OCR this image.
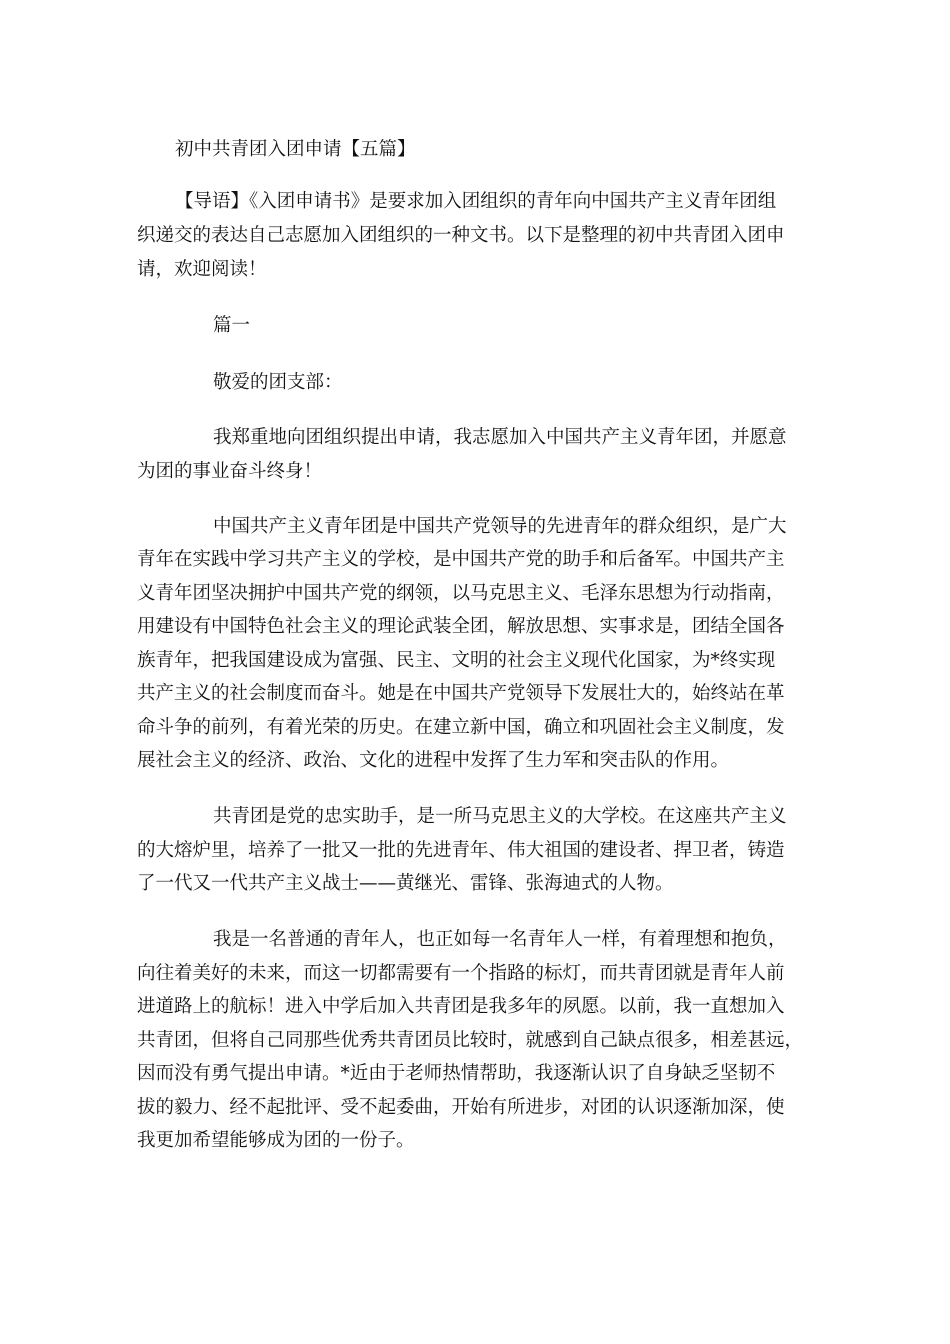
初中共青团入团申请【五篇】
【导语】《入团申请书》是要求加入团组织的青年向中国共产主义青年团组
织递交的表达自己志愿加入团组织的一种文书。以下是整理的初中共青团入团申
请，欢迎阅读！
篇一
敬爱的团支部：
我郑重地向团组织提出申请，我志愿加入中国共产主义青年团，并愿意
为团的事业奋斗终身！
中国共产主义青年团是中国共产党领导的先进青年的群众组织，是广大
青年在实践中学习共产主义的学校，是中国共产党的助手和后备军。中国共产主
义青年团坚决拥护中国共产党的纲领，以马克思主义、毛泽东思想为行动指南，
用建设有中国特色社会主义的理论武装全团，解放思想、实事求是，团结全国各
族青年，把我国建设成为富强、民主、文明的社会主义现代化国家，为*终实现
共产主义的社会制度而奋斗。她是在中国共产党领导下发展壮大的，始终站在革
命斗争的前列，有着光荣的历史。在建立新中国，确立和巩固社会主义制度，发
展社会主义的经济、政治、文化的进程中发挥了生力军和突击队的作用。
共青团是党的忠实助手，是一所马克思主义的大学校。在这座共产主义
的大熔炉里，培养了一批又一批的先进青年、伟大祖国的建设者、捍卫者，铸造
了一代又一代共产主义战士——黄继光、雷锋、张海迪式的人物。
我是一名普通的青年人，也正如每一名青年人一样，有着理想和抱负，
向往着美好的未来，而这一切都需要有一个指路的标灯，而共青团就是青年人前
进道路上的航标！进入中学后加入共青团是我多年的夙愿。以前，我一直想加入
共青团，但将自己同那些优秀共青团员比较时，就感到自己缺点很多，相差甚远，
因而没有勇气提出申请。*近由于老师热情帮助，我逐渐认识了自身缺乏坚韧不
拔的毅力、经不起批评、受不起委曲，开始有所进步，对团的认识逐渐加深，使
我更加希望能够成为团的一份子。
